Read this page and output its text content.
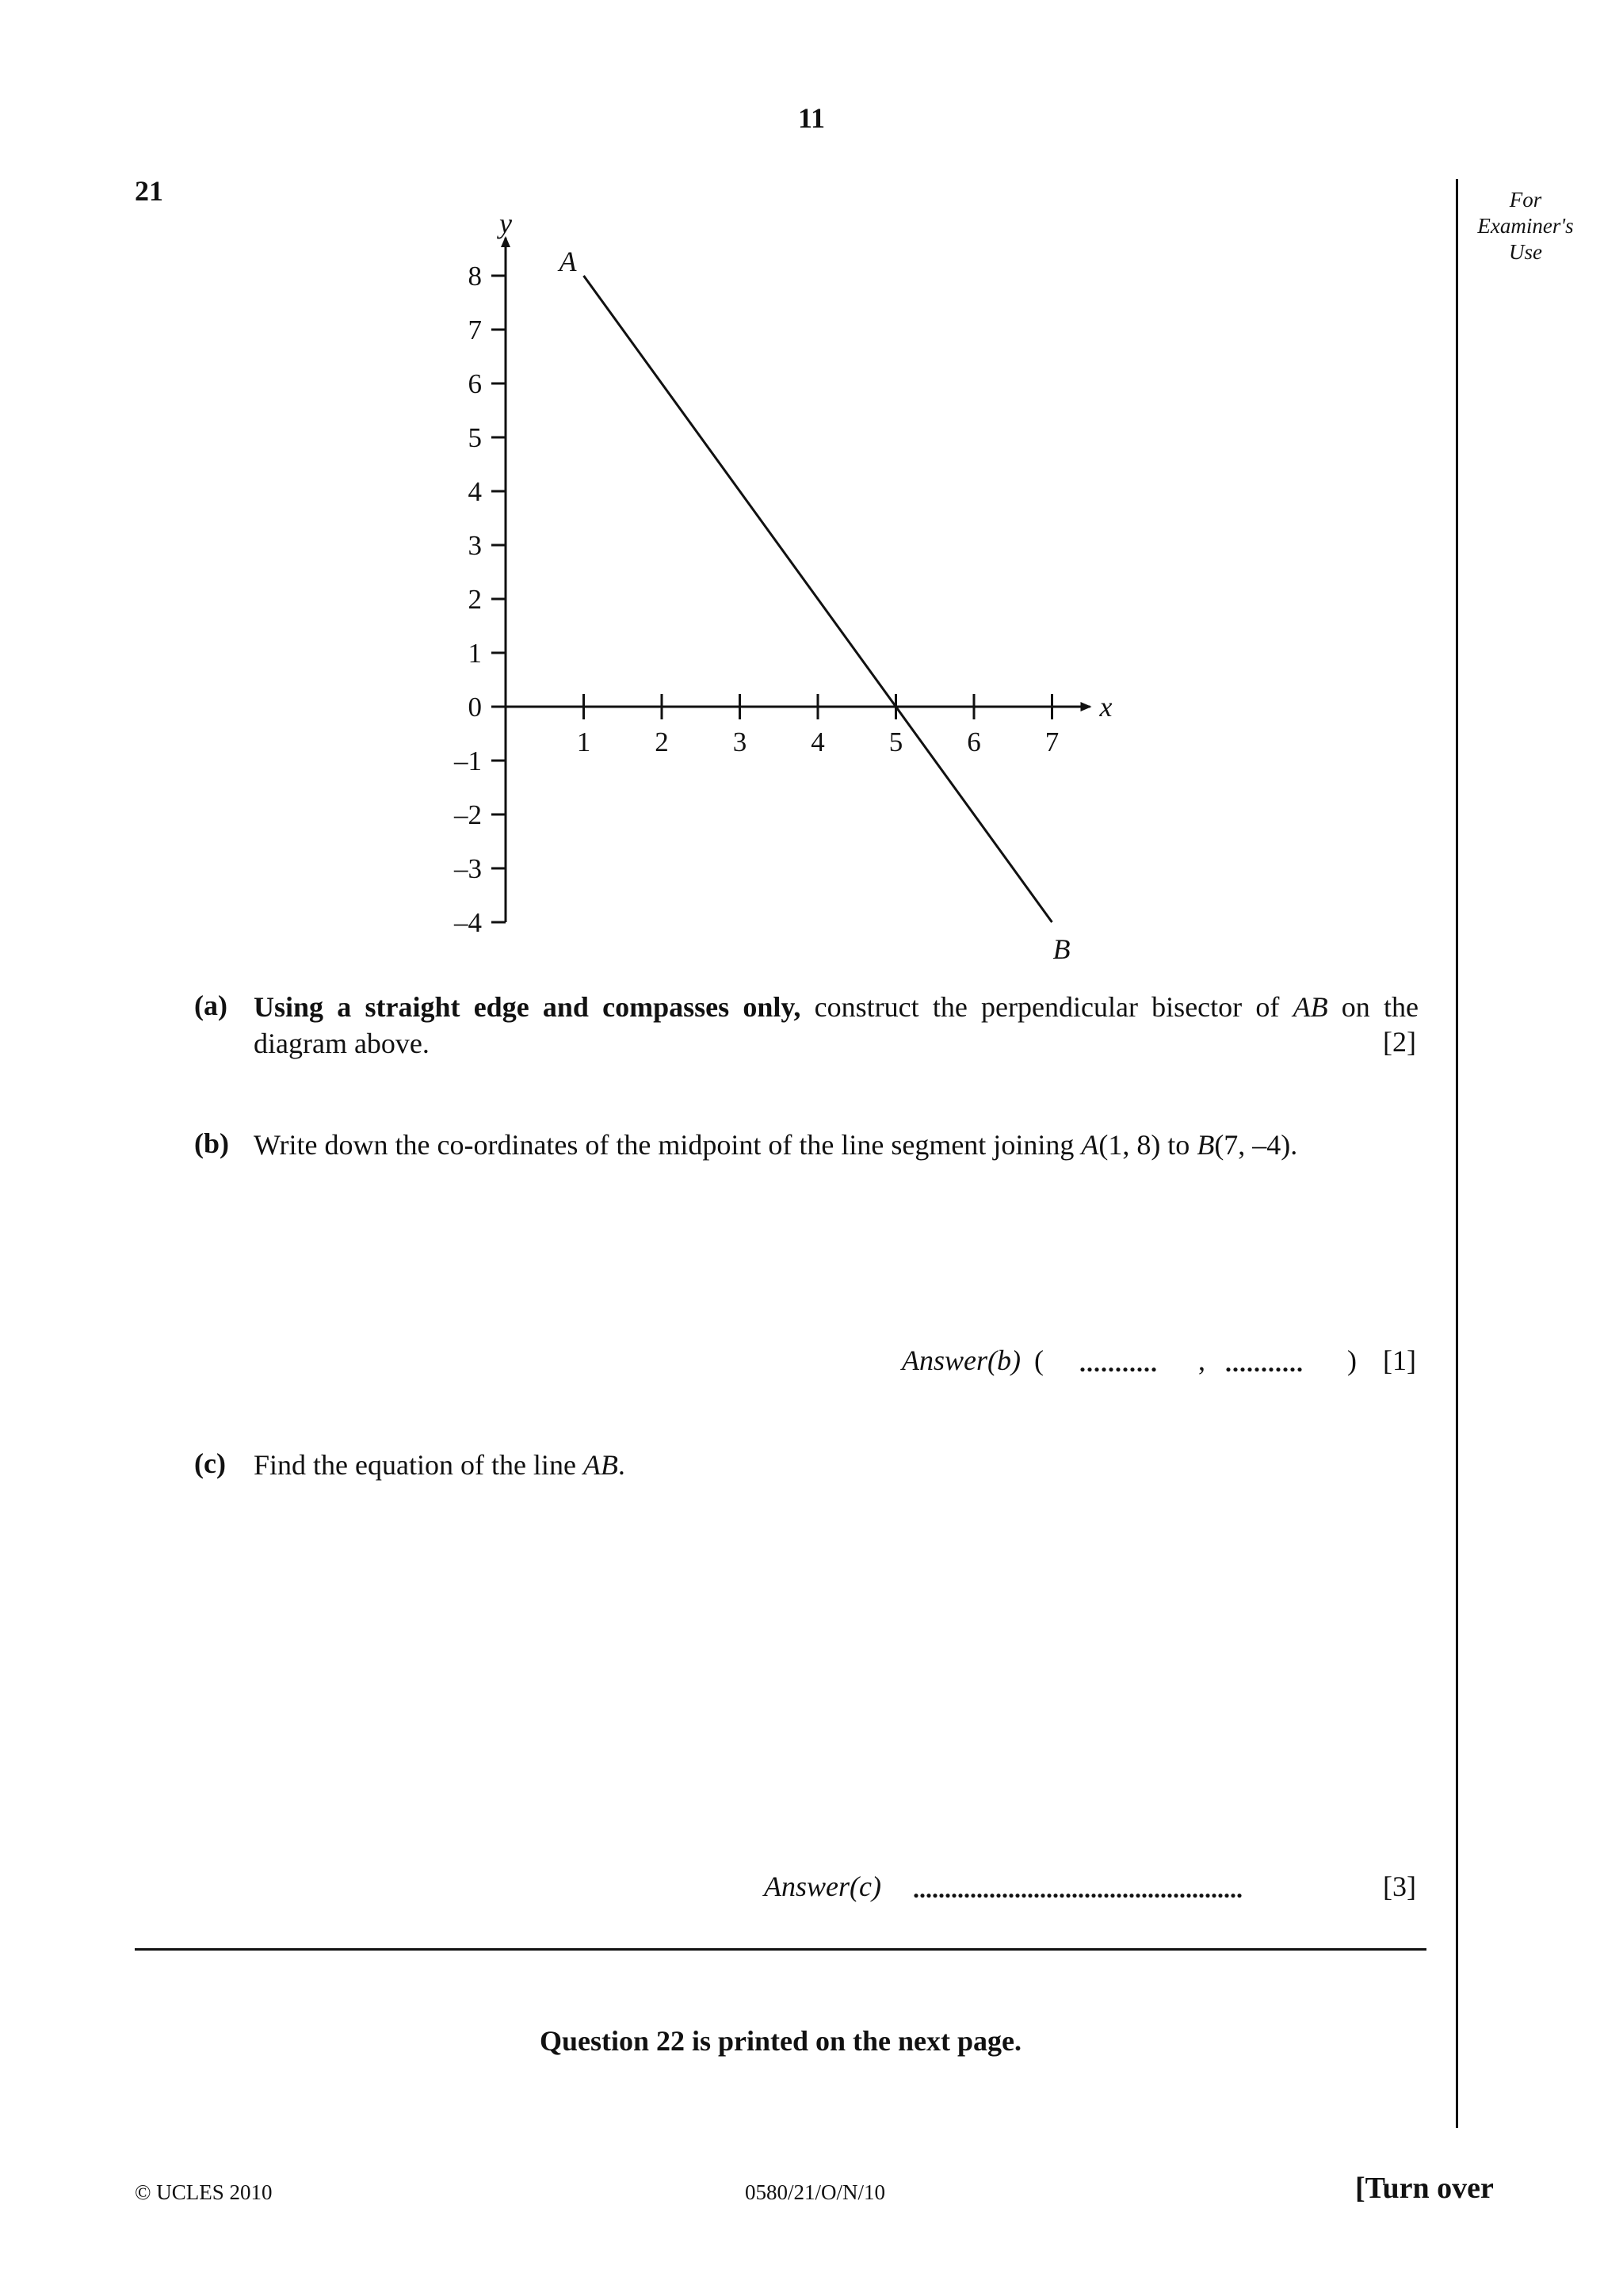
11
21	For
Examiner's
Use
8
7
6
5
4
3
2
1
0
–1
–2
–3
–4
1 2 3 4 5 6 7
x
y
A
B
(a) Using a straight edge and compasses only, construct the perpendicular bisector of AB on the diagram above.	[2]
(b) Write down the co-ordinates of the midpoint of the line segment joining A(1, 8) to B(7, –4).
Answer(b) ( ........... , ........... ) [1]
(c) Find the equation of the line AB.
Answer(c) ....................................................	[3]
Question 22 is printed on the next page.
© UCLES 2010	0580/21/O/N/10	[Turn over
